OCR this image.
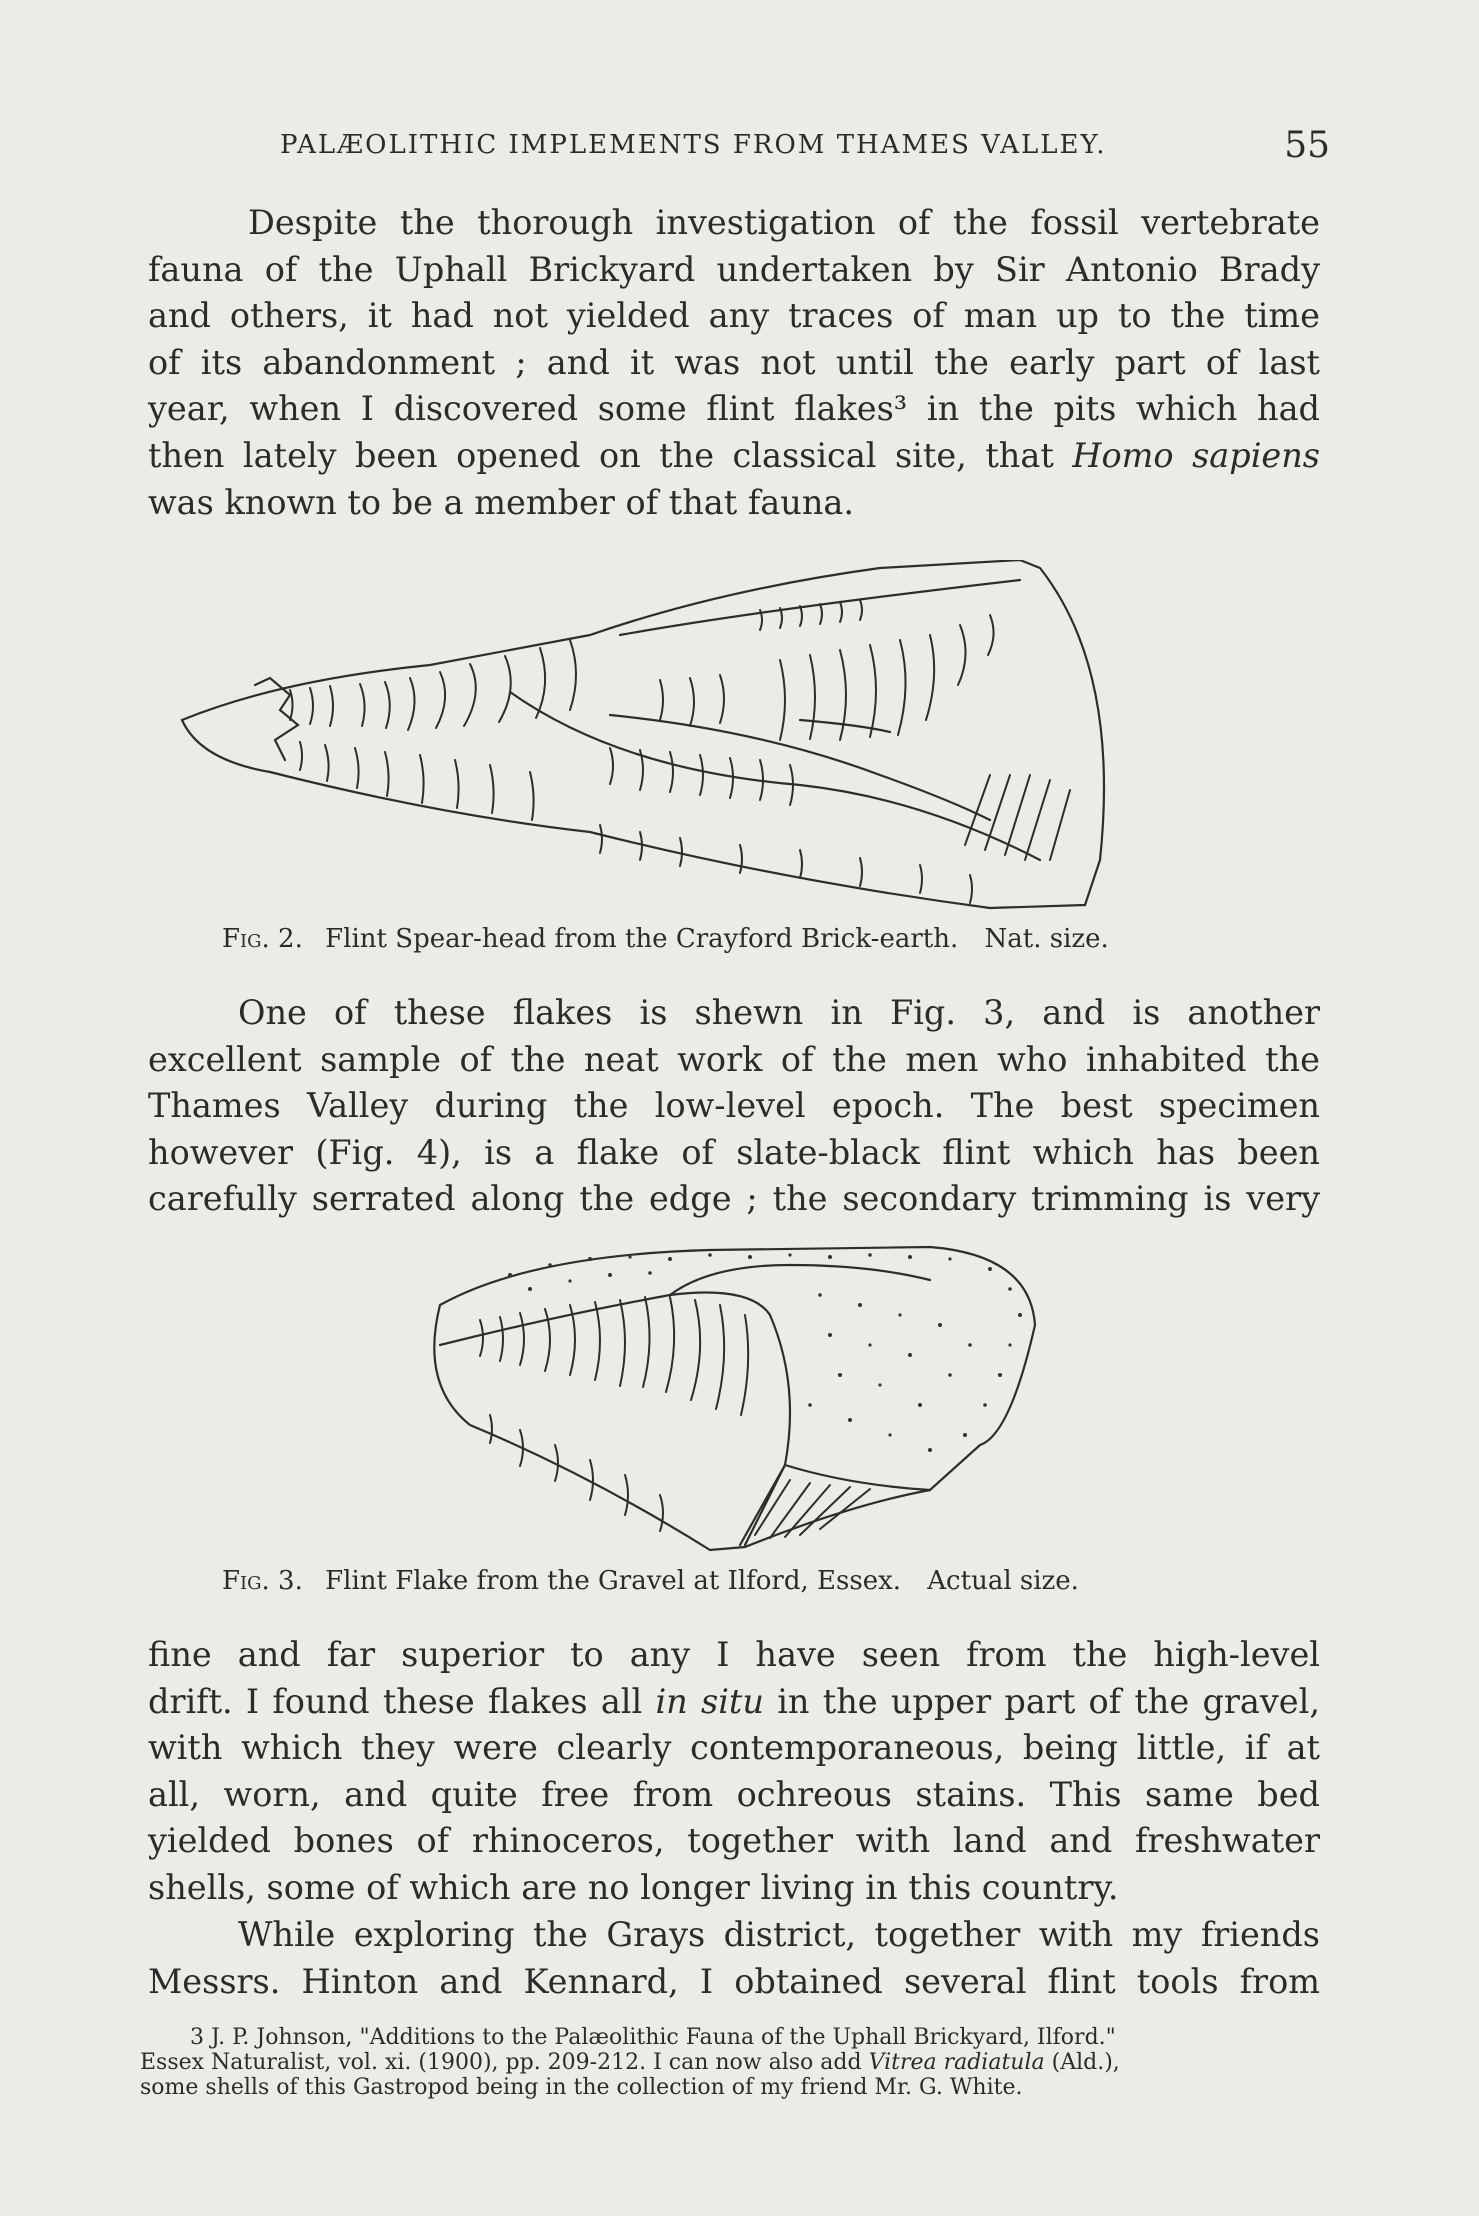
PALÆOLITHIC IMPLEMENTS FROM THAMES VALLEY.	55

Despite the thorough investigation of the fossil vertebrate
fauna of the Uphall Brickyard undertaken by Sir Antonio Brady
and others, it had not yielded any traces of man up to the time
of its abandonment ; and it was not until the early part of last
year, when I discovered some flint flakes³ in the pits which had
then lately been opened on the classical site, that Homo sapiens
was known to be a member of that fauna.

Fig. 2. Flint Spear-head from the Crayford Brick-earth. Nat. size.

One of these flakes is shewn in Fig. 3, and is another
excellent sample of the neat work of the men who inhabited the
Thames Valley during the low-level epoch. The best specimen
however (Fig. 4), is a flake of slate-black flint which has been
carefully serrated along the edge ; the secondary trimming is very

Fig. 3. Flint Flake from the Gravel at Ilford, Essex. Actual size.

fine and far superior to any I have seen from the high-level
drift. I found these flakes all in situ in the upper part of the gravel,
with which they were clearly contemporaneous, being little, if at
all, worn, and quite free from ochreous stains. This same bed
yielded bones of rhinoceros, together with land and freshwater
shells, some of which are no longer living in this country.

While exploring the Grays district, together with my friends
Messrs. Hinton and Kennard, I obtained several flint tools from

3 J. P. Johnson, "Additions to the Palæolithic Fauna of the Uphall Brickyard, Ilford."
Essex Naturalist, vol. xi. (1900), pp. 209-212. I can now also add Vitrea radiatula (Ald.),
some shells of this Gastropod being in the collection of my friend Mr. G. White.
